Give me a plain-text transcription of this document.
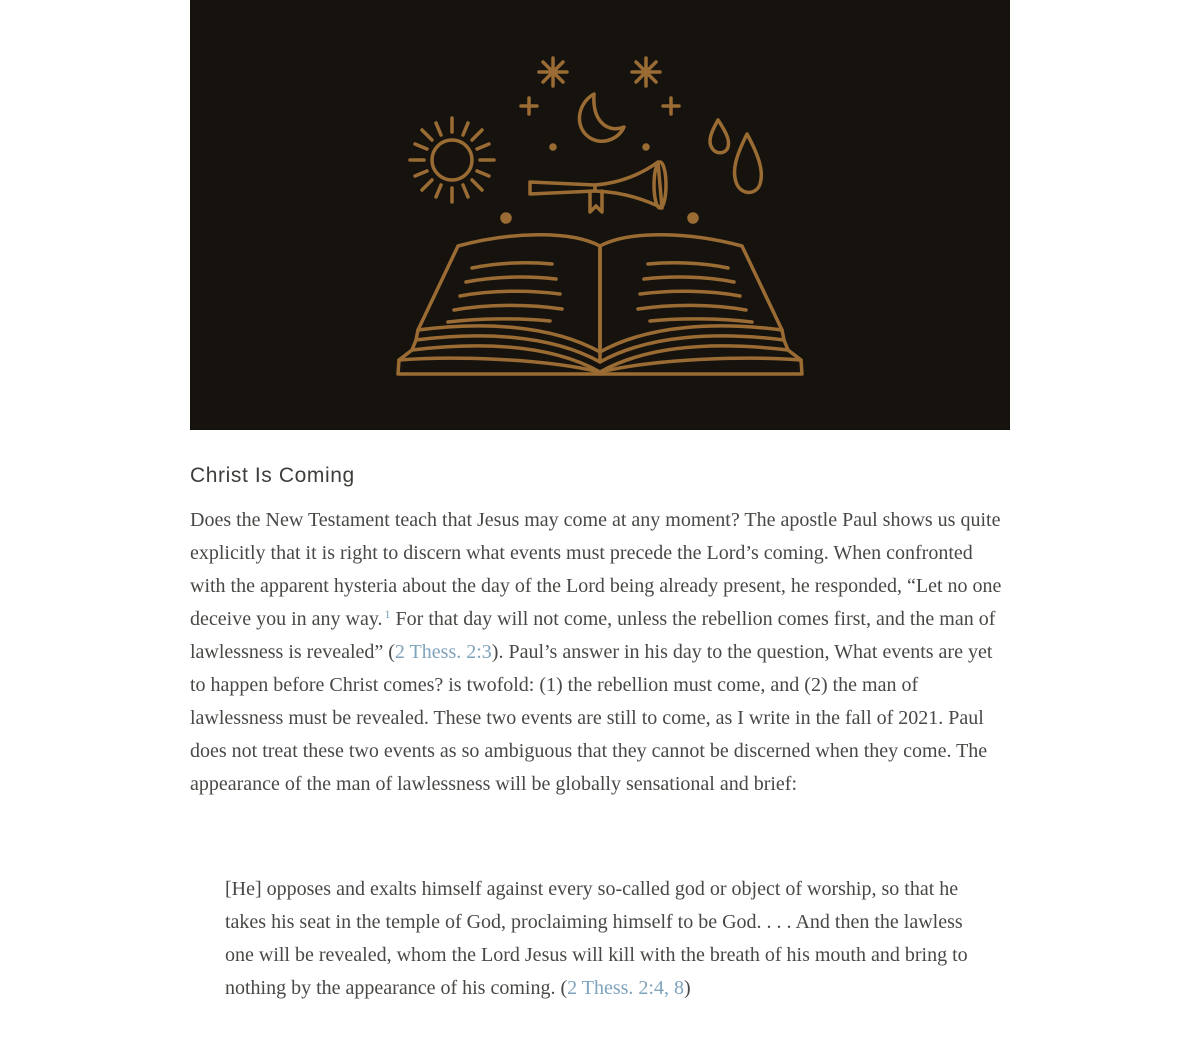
Christ Is Coming

Does the New Testament teach that Jesus may come at any moment? The apostle Paul shows us quite explicitly that it is right to discern what events must precede the Lord’s coming. When confronted with the apparent hysteria about the day of the Lord being already present, he responded, “Let no one deceive you in any way. $^1$ For that day will not come, unless the rebellion comes first, and the man of lawlessness is revealed” (2 Thess. 2:3). Paul’s answer in his day to the question, What events are yet to happen before Christ comes? is twofold: (1) the rebellion must come, and (2) the man of lawlessness must be revealed. These two events are still to come, as I write in the fall of 2021. Paul does not treat these two events as so ambiguous that they cannot be discerned when they come. The appearance of the man of lawlessness will be globally sensational and brief:

[He] opposes and exalts himself against every so-called god or object of worship, so that he takes his seat in the temple of God, proclaiming himself to be God. . . . And then the lawless one will be revealed, whom the Lord Jesus will kill with the breath of his mouth and bring to nothing by the appearance of his coming. (2 Thess. 2:4, 8)
